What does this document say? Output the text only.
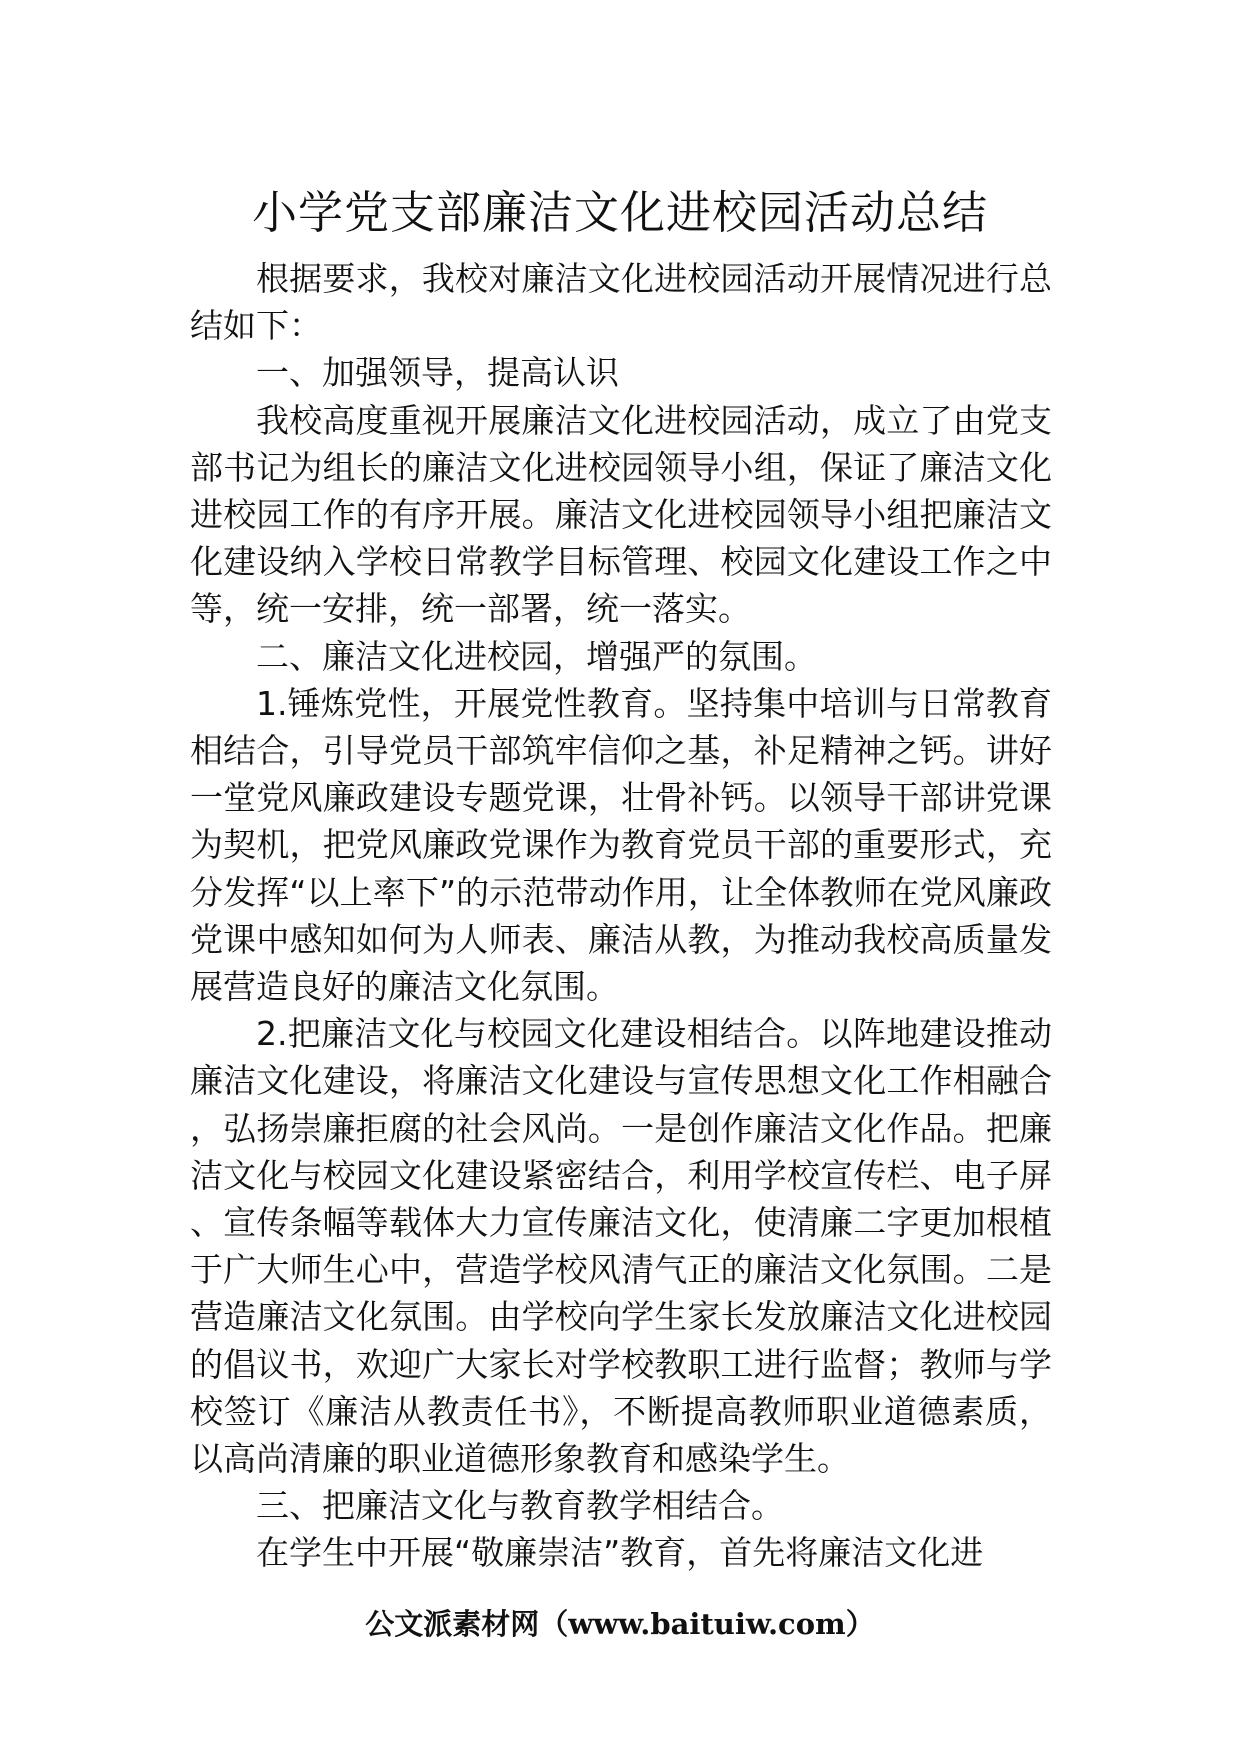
小学党支部廉洁文化进校园活动总结

根据要求，我校对廉洁文化进校园活动开展情况进行总结如下：

一、加强领导，提高认识

我校高度重视开展廉洁文化进校园活动，成立了由党支部书记为组长的廉洁文化进校园领导小组，保证了廉洁文化进校园工作的有序开展。廉洁文化进校园领导小组把廉洁文化建设纳入学校日常教学目标管理、校园文化建设工作之中等，统一安排，统一部署，统一落实。

二、廉洁文化进校园，增强严的氛围。

1.锤炼党性，开展党性教育。坚持集中培训与日常教育相结合，引导党员干部筑牢信仰之基，补足精神之钙。讲好一堂党风廉政建设专题党课，壮骨补钙。以领导干部讲党课为契机，把党风廉政党课作为教育党员干部的重要形式，充分发挥“以上率下”的示范带动作用，让全体教师在党风廉政党课中感知如何为人师表、廉洁从教，为推动我校高质量发展营造良好的廉洁文化氛围。

2.把廉洁文化与校园文化建设相结合。以阵地建设推动廉洁文化建设，将廉洁文化建设与宣传思想文化工作相融合，弘扬崇廉拒腐的社会风尚。一是创作廉洁文化作品。把廉洁文化与校园文化建设紧密结合，利用学校宣传栏、电子屏、宣传条幅等载体大力宣传廉洁文化，使清廉二字更加根植于广大师生心中，营造学校风清气正的廉洁文化氛围。二是营造廉洁文化氛围。由学校向学生家长发放廉洁文化进校园的倡议书，欢迎广大家长对学校教职工进行监督；教师与学校签订《廉洁从教责任书》，不断提高教师职业道德素质，以高尚清廉的职业道德形象教育和感染学生。

三、把廉洁文化与教育教学相结合。

在学生中开展“敬廉崇洁”教育，首先将廉洁文化进

公文派素材网（www.baituiw.com）
